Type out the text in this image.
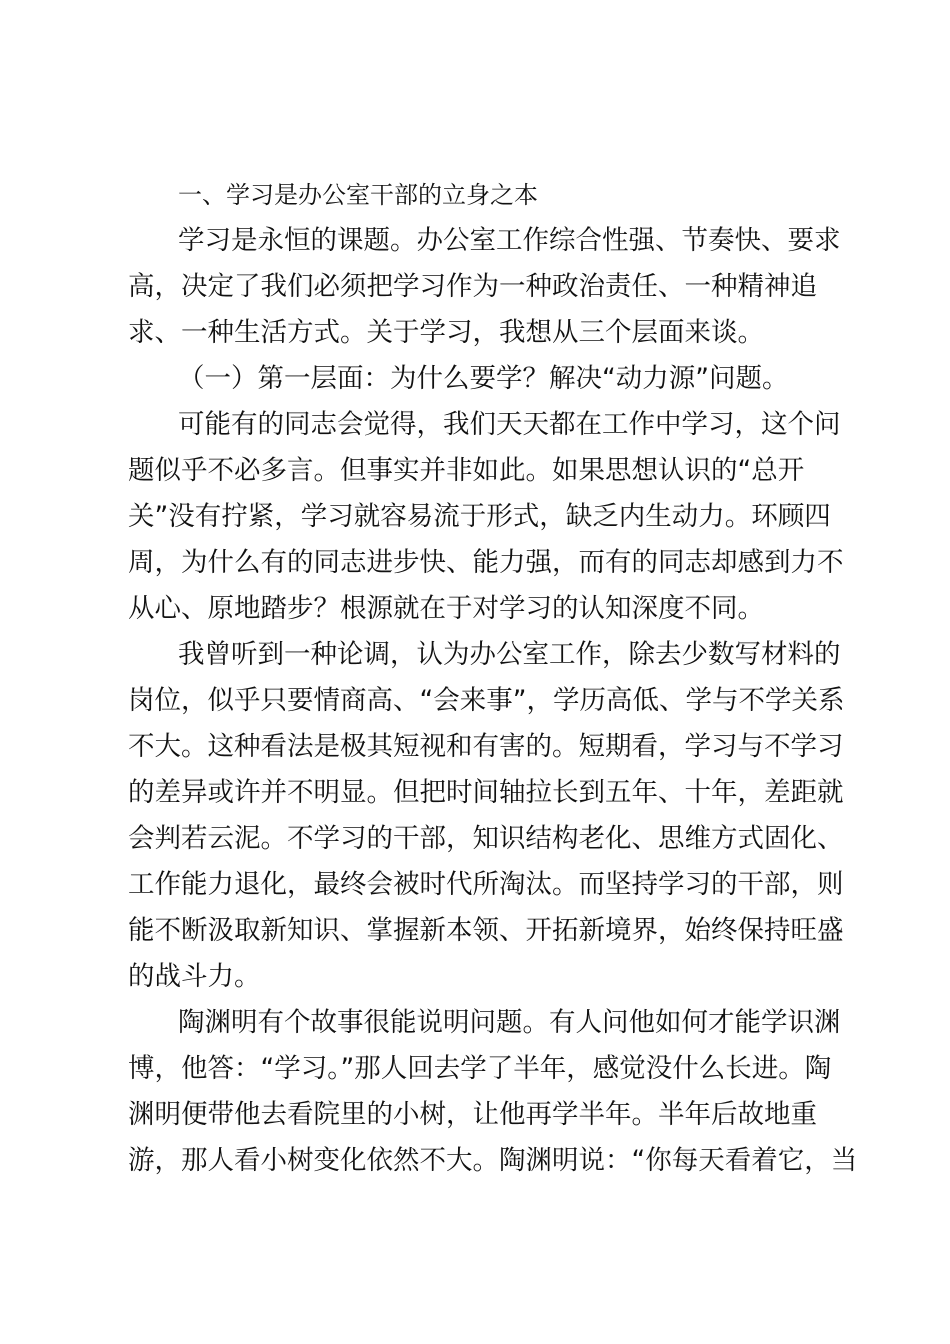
一、学习是办公室干部的立身之本
学习是永恒的课题。办公室工作综合性强、节奏快、要求
高，决定了我们必须把学习作为一种政治责任、一种精神追
求、一种生活方式。关于学习，我想从三个层面来谈。
（一）第一层面：为什么要学？解决“动力源”问题。
可能有的同志会觉得，我们天天都在工作中学习，这个问
题似乎不必多言。但事实并非如此。如果思想认识的“总开
关”没有拧紧，学习就容易流于形式，缺乏内生动力。环顾四
周，为什么有的同志进步快、能力强，而有的同志却感到力不
从心、原地踏步？根源就在于对学习的认知深度不同。
我曾听到一种论调，认为办公室工作，除去少数写材料的
岗位，似乎只要情商高、“会来事”，学历高低、学与不学关系
不大。这种看法是极其短视和有害的。短期看，学习与不学习
的差异或许并不明显。但把时间轴拉长到五年、十年，差距就
会判若云泥。不学习的干部，知识结构老化、思维方式固化、
工作能力退化，最终会被时代所淘汰。而坚持学习的干部，则
能不断汲取新知识、掌握新本领、开拓新境界，始终保持旺盛
的战斗力。
陶渊明有个故事很能说明问题。有人问他如何才能学识渊
博，他答：“学习。”那人回去学了半年，感觉没什么长进。陶
渊明便带他去看院里的小树，让他再学半年。半年后故地重
游，那人看小树变化依然不大。陶渊明说：“你每天看着它，当
